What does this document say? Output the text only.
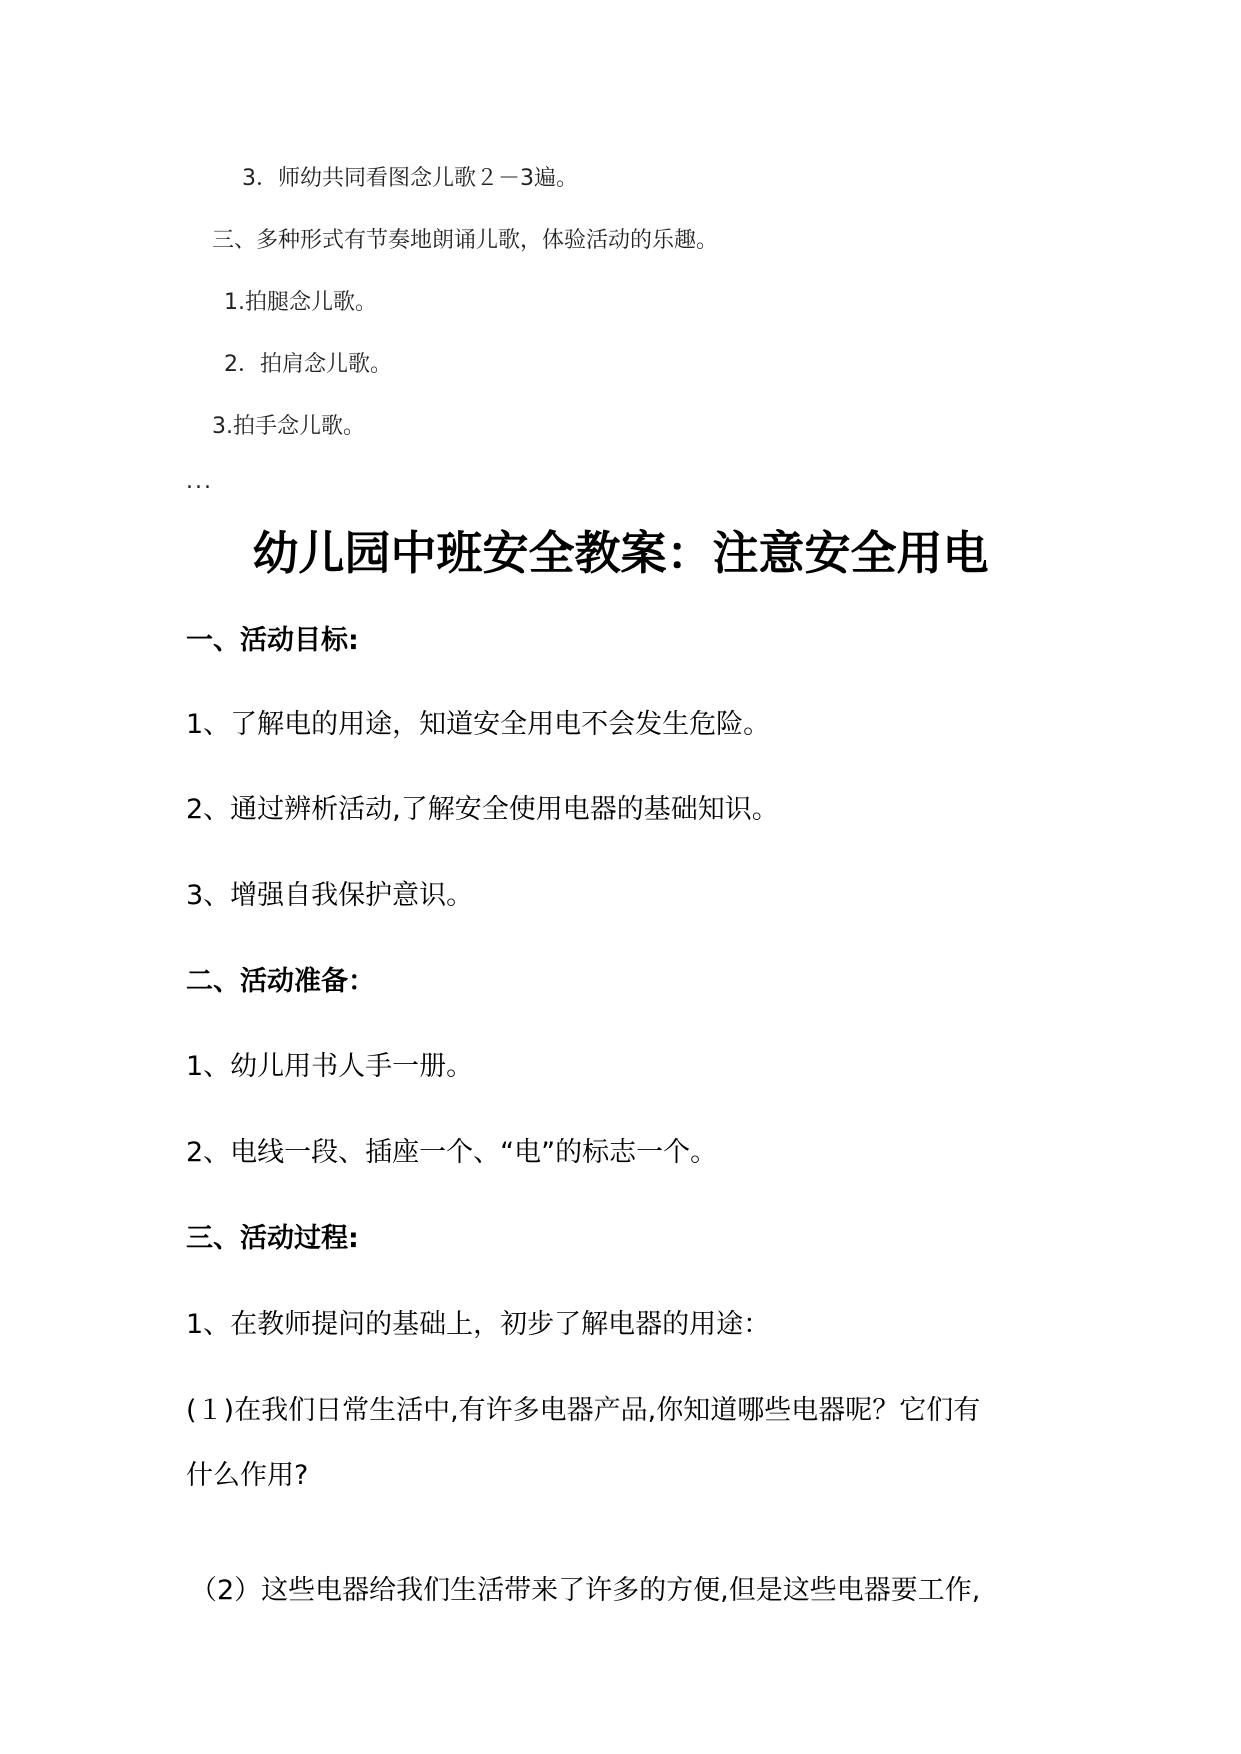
3．师幼共同看图念儿歌２－3遍。
三、多种形式有节奏地朗诵儿歌，体验活动的乐趣。
1.拍腿念儿歌。
2．拍肩念儿歌。
3.拍手念儿歌。
...
幼儿园中班安全教案：注意安全用电
一、活动目标:
1、了解电的用途，知道安全用电不会发生危险。
2、通过辨析活动,了解安全使用电器的基础知识。
3、增强自我保护意识。
二、活动准备：
1、幼儿用书人手一册。
2、电线一段、插座一个、“电”的标志一个。
三、活动过程:
1、在教师提问的基础上，初步了解电器的用途：
(１)在我们日常生活中,有许多电器产品,你知道哪些电器呢？它们有
什么作用?
（2）这些电器给我们生活带来了许多的方便,但是这些电器要工作,
